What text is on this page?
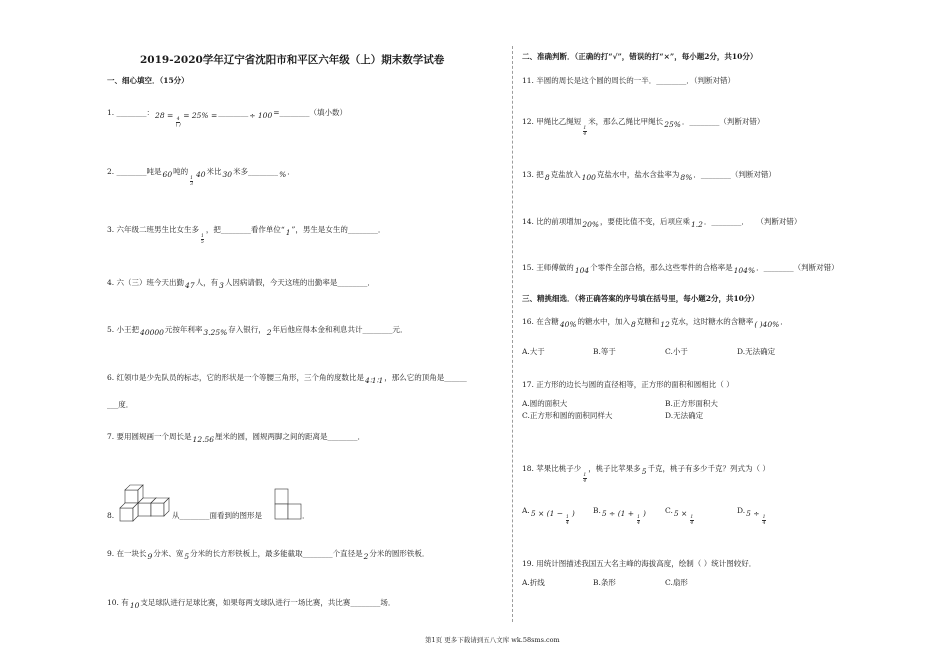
2019-2020学年辽宁省沈阳市和平区六年级（上）期末数学试卷
一、细心填空．（15分）
二、准确判断．（正确的打“√”，错误的打“×”，每小题2分，共10分）
三、精挑细选．（将正确答案的序号填在括号里，每小题2分，共10分）
1. ________：28 =
$\frac{4}{( )}$
= 25% =________÷ 100=________（填小数）
2. ________吨是60吨的
$\frac{1}{3}$
40米比30米多________%．
3. 六年级二班男生比女生多
$\frac{1}{5}$
，把________看作单位“1”，男生是女生的________．
4. 六（三）班今天出勤47人，有3人因病请假，今天这班的出勤率是________．
5. 小王把40000元按年利率3.25%存入银行，2年后他应得本金和利息共计________元．
6. 红领巾是少先队员的标志，它的形状是一个等腰三角形，三个角的度数比是4∶1∶1，那么它的顶角是______
___度．
7. 要用圆规画一个周长是12.56厘米的圆，圆规两脚之间的距离是________．
8.	从________面看到的图形是	．
9. 在一块长9分米、宽5分米的长方形铁板上，最多能截取________个直径是2分米的圆形铁板．
10. 有10支足球队进行足球比赛，如果每两支球队进行一场比赛，共比赛________场．
11. 半圆的周长是这个圆的周长的一半．________．（判断对错）
12. 甲绳比乙绳短
$\frac{1}{4}$
米，那么乙绳比甲绳长25%．________（判断对错）
13. 把8克盐放入100克盐水中，盐水含盐率为8%．________（判断对错）
14. 比的前项增加20%，要使比值不变，后项应乘1.2．________．　　（判断对错）
15. 王师傅做的104个零件全部合格，那么这些零件的合格率是104%．________（判断对错）
16. 在含糖40%的糖水中，加入8克糖和12克水，这时糖水的含糖率( )40%．
A.大于	B.等于	C.小于	D.无法确定
17. 正方形的边长与圆的直径相等，正方形的面积和圆相比（ ）
A.圆的面积大	B.正方形面积大
C.正方形和圆的面积同样大	D.无法确定
18. 苹果比桃子少
$\frac{1}{4}$
，桃子比苹果多5千克，桃子有多少千克？列式为（ ）
A.5 × (1 −
$\frac{1}{4}$
) B.5 ÷ (1 +
$\frac{1}{4}$
)	C.5 ×
$\frac{1}{4}$
D.5 ÷
$\frac{1}{4}$
19. 用统计图描述我国五大名主峰的海拔高度，绘制（ ）统计图较好．
A.折线	B.条形	C.扇形
第1页 更多下载请到五八文库 wk.58sms.com
